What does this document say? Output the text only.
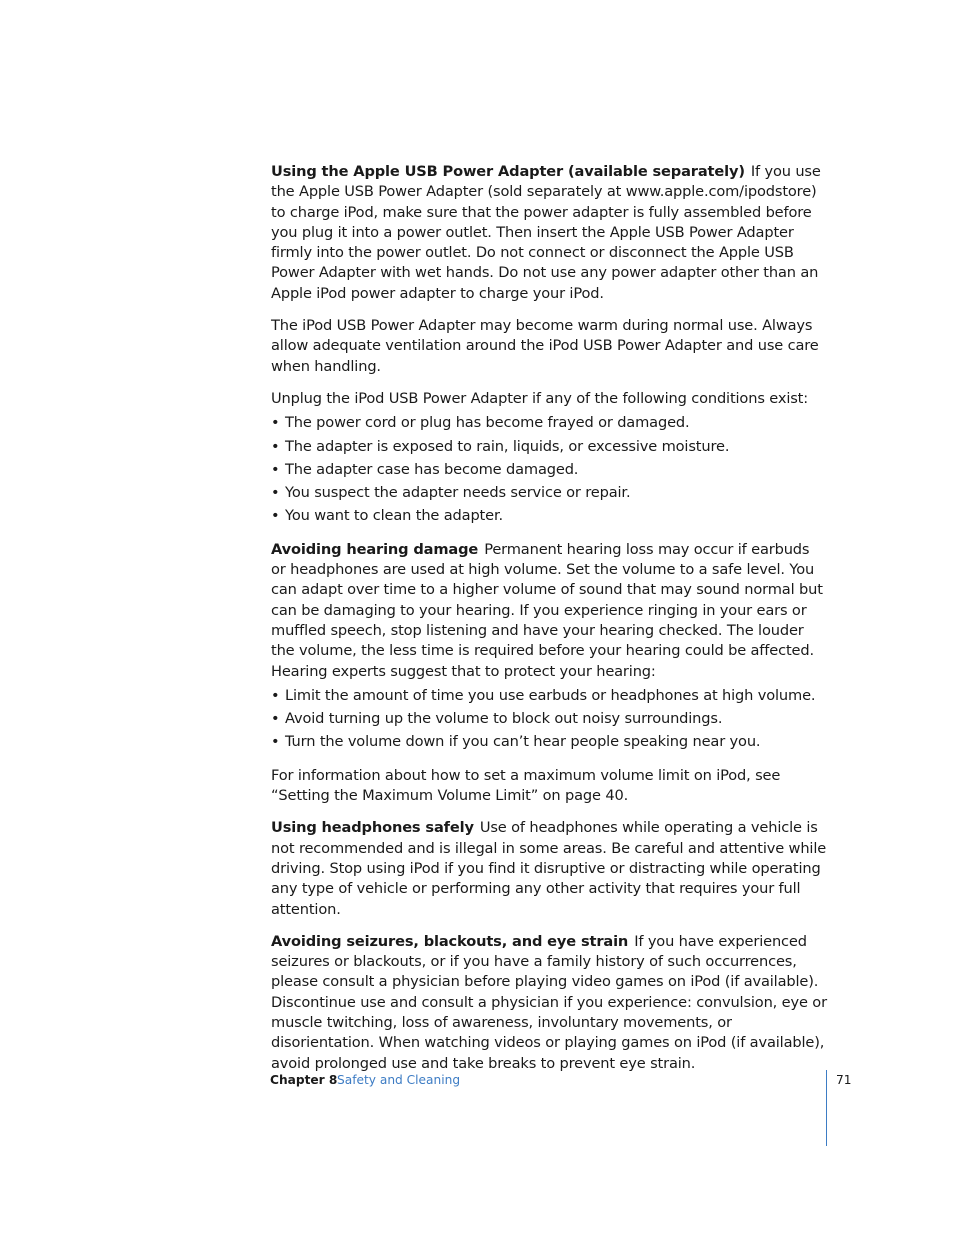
Using the Apple USB Power Adapter (available separately) If you use the Apple USB Power Adapter (sold separately at www.apple.com/ipodstore) to charge iPod, make sure that the power adapter is fully assembled before you plug it into a power outlet. Then insert the Apple USB Power Adapter firmly into the power outlet. Do not connect or disconnect the Apple USB Power Adapter with wet hands. Do not use any power adapter other than an Apple iPod power adapter to charge your iPod.

The iPod USB Power Adapter may become warm during normal use. Always allow adequate ventilation around the iPod USB Power Adapter and use care when handling.

Unplug the iPod USB Power Adapter if any of the following conditions exist:

• The power cord or plug has become frayed or damaged.
• The adapter is exposed to rain, liquids, or excessive moisture.
• The adapter case has become damaged.
• You suspect the adapter needs service or repair.
• You want to clean the adapter.

Avoiding hearing damage Permanent hearing loss may occur if earbuds or headphones are used at high volume. Set the volume to a safe level. You can adapt over time to a higher volume of sound that may sound normal but can be damaging to your hearing. If you experience ringing in your ears or muffled speech, stop listening and have your hearing checked. The louder the volume, the less time is required before your hearing could be affected. Hearing experts suggest that to protect your hearing:

• Limit the amount of time you use earbuds or headphones at high volume.
• Avoid turning up the volume to block out noisy surroundings.
• Turn the volume down if you can’t hear people speaking near you.

For information about how to set a maximum volume limit on iPod, see “Setting the Maximum Volume Limit” on page 40.

Using headphones safely Use of headphones while operating a vehicle is not recommended and is illegal in some areas. Be careful and attentive while driving. Stop using iPod if you find it disruptive or distracting while operating any type of vehicle or performing any other activity that requires your full attention.

Avoiding seizures, blackouts, and eye strain If you have experienced seizures or blackouts, or if you have a family history of such occurrences, please consult a physician before playing video games on iPod (if available). Discontinue use and consult a physician if you experience: convulsion, eye or muscle twitching, loss of awareness, involuntary movements, or disorientation. When watching videos or playing games on iPod (if available), avoid prolonged use and take breaks to prevent eye strain.

Chapter 8 Safety and Cleaning	71
